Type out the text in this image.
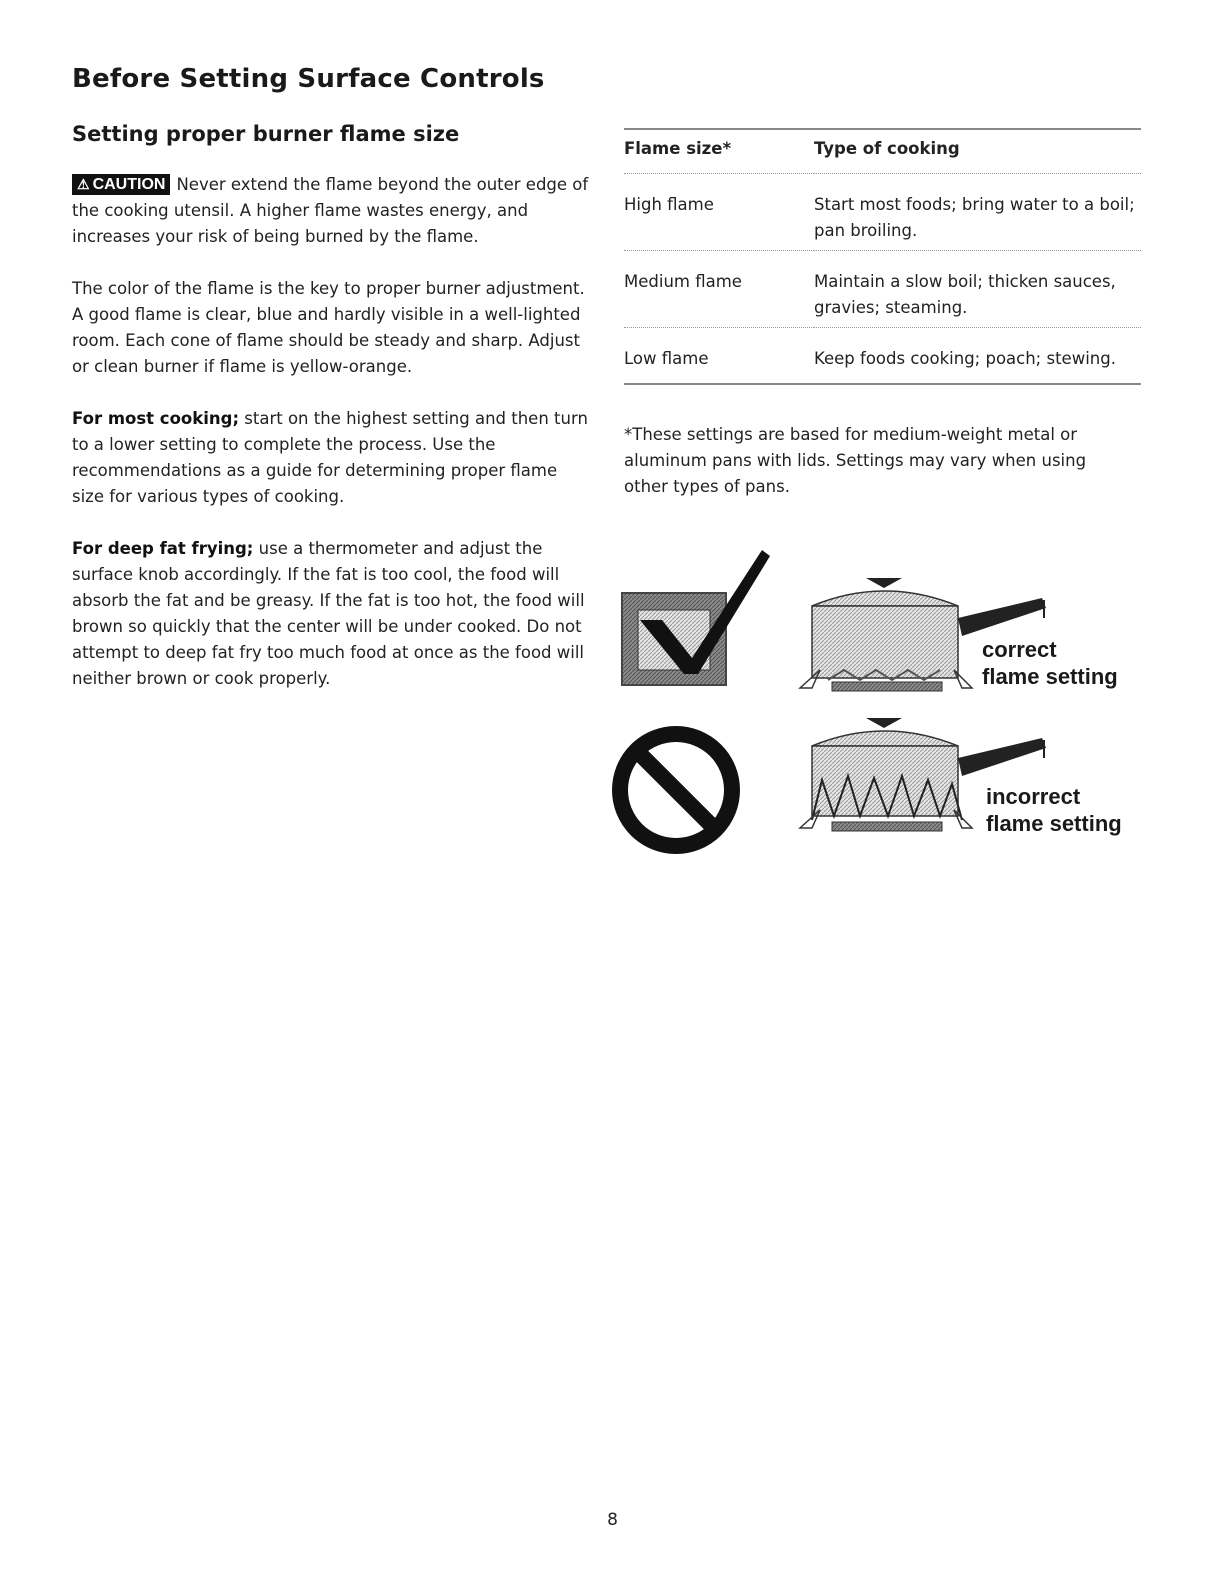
Before Setting Surface Controls
Setting proper burner flame size

⚠ CAUTION Never extend the flame beyond the outer edge of the cooking utensil. A higher flame wastes energy, and increases your risk of being burned by the flame.

The color of the flame is the key to proper burner adjustment. A good flame is clear, blue and hardly visible in a well-lighted room. Each cone of flame should be steady and sharp. Adjust or clean burner if flame is yellow-orange.

For most cooking; start on the highest setting and then turn to a lower setting to complete the process. Use the recommendations as a guide for determining proper flame size for various types of cooking.

For deep fat frying; use a thermometer and adjust the surface knob accordingly. If the fat is too cool, the food will absorb the fat and be greasy. If the fat is too hot, the food will brown so quickly that the center will be under cooked. Do not attempt to deep fat fry too much food at once as the food will neither brown or cook properly.

Flame size*	Type of cooking
High flame	Start most foods; bring water to a boil; pan broiling.
Medium flame	Maintain a slow boil; thicken sauces, gravies; steaming.
Low flame	Keep foods cooking; poach; stewing.
*These settings are based for medium-weight metal or aluminum pans with lids. Settings may vary when using other types of pans.
correct
flame setting
incorrect
flame setting
8
